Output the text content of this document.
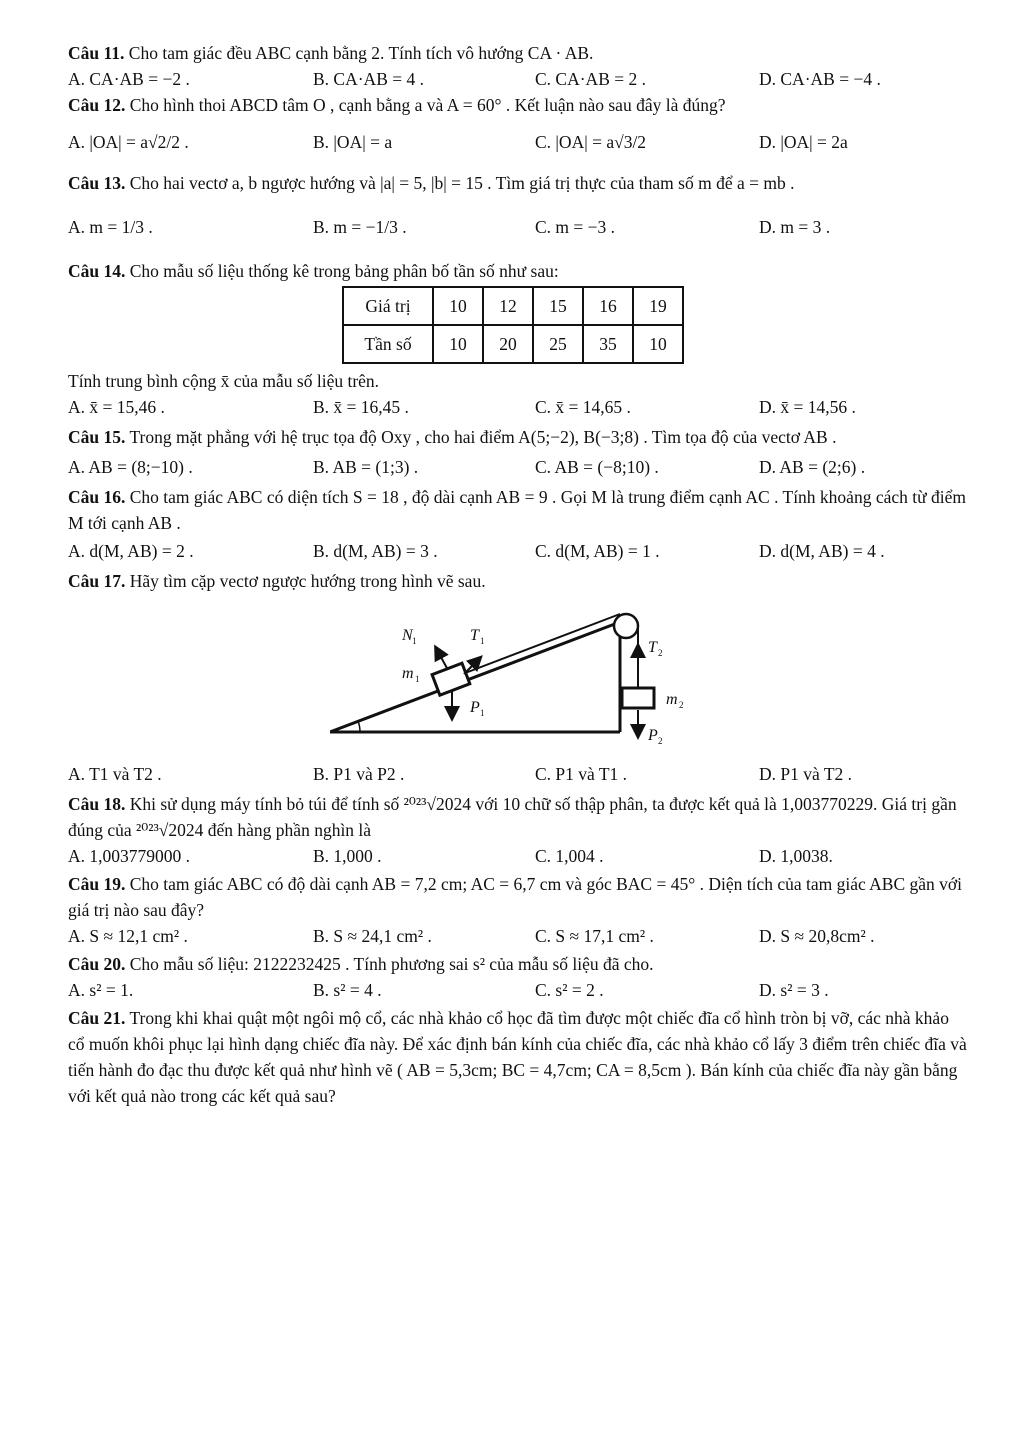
Câu 11. Cho tam giác đều ABC cạnh bằng 2. Tính tích vô hướng CA · AB.

A. CA·AB = −2 .	B. CA·AB = 4 .	C. CA·AB = 2 .	D. CA·AB = −4 .

Câu 12. Cho hình thoi ABCD tâm O , cạnh bằng a và A = 60° . Kết luận nào sau đây là đúng?

A. |OA| = a√2/2 .	B. |OA| = a	C. |OA| = a√3/2	D. |OA| = 2a

Câu 13. Cho hai vectơ a, b ngược hướng và |a| = 5, |b| = 15 . Tìm giá trị thực của tham số m để a = mb .

A. m = 1/3 .	B. m = −1/3 .	C. m = −3 .	D. m = 3 .

Câu 14. Cho mẫu số liệu thống kê trong bảng phân bố tần số như sau:

Giá trị	10	12	15	16	19
Tần số	10	20	25	35	10

Tính trung bình cộng x̄ của mẫu số liệu trên.

A. x̄ = 15,46 .	B. x̄ = 16,45 .	C. x̄ = 14,65 .	D. x̄ = 14,56 .

Câu 15. Trong mặt phẳng với hệ trục tọa độ Oxy , cho hai điểm A(5;−2), B(−3;8) . Tìm tọa độ của vectơ AB .

A. AB = (8;−10) .	B. AB = (1;3) .	C. AB = (−8;10) .	D. AB = (2;6) .

Câu 16. Cho tam giác ABC có diện tích S = 18 , độ dài cạnh AB = 9 . Gọi M là trung điểm cạnh AC . Tính khoảng cách từ điểm M tới cạnh AB .

A. d(M, AB) = 2 .	B. d(M, AB) = 3 .	C. d(M, AB) = 1 .	D. d(M, AB) = 4 .

Câu 17. Hãy tìm cặp vectơ ngược hướng trong hình vẽ sau.

N 1	T 1
m 1
P 1
T 2
m 2
P 2
A. T1 và T2 .	B. P1 và P2 .	C. P1 và T1 .	D. P1 và T2 .

Câu 18. Khi sử dụng máy tính bỏ túi để tính số ²⁰²³√2024 với 10 chữ số thập phân, ta được kết quả là 1,003770229. Giá trị gần đúng của ²⁰²³√2024 đến hàng phần nghìn là

A. 1,003779000 .	B. 1,000 .	C. 1,004 .	D. 1,0038.

Câu 19. Cho tam giác ABC có độ dài cạnh AB = 7,2 cm; AC = 6,7 cm và góc BAC = 45° . Diện tích của tam giác ABC gần với giá trị nào sau đây?

A. S ≈ 12,1 cm² .	B. S ≈ 24,1 cm² .	C. S ≈ 17,1 cm² .	D. S ≈ 20,8cm² .

Câu 20. Cho mẫu số liệu: 2122232425 . Tính phương sai s² của mẫu số liệu đã cho.

A. s² = 1.	B. s² = 4 .	C. s² = 2 .	D. s² = 3 .

Câu 21. Trong khi khai quật một ngôi mộ cổ, các nhà khảo cổ học đã tìm được một chiếc đĩa cổ hình tròn bị vỡ, các nhà khảo cổ muốn khôi phục lại hình dạng chiếc đĩa này. Để xác định bán kính của chiếc đĩa, các nhà khảo cổ lấy 3 điểm trên chiếc đĩa và tiến hành đo đạc thu được kết quả như hình vẽ ( AB = 5,3cm; BC = 4,7cm; CA = 8,5cm ). Bán kính của chiếc đĩa này gần bằng với kết quả nào trong các kết quả sau?
